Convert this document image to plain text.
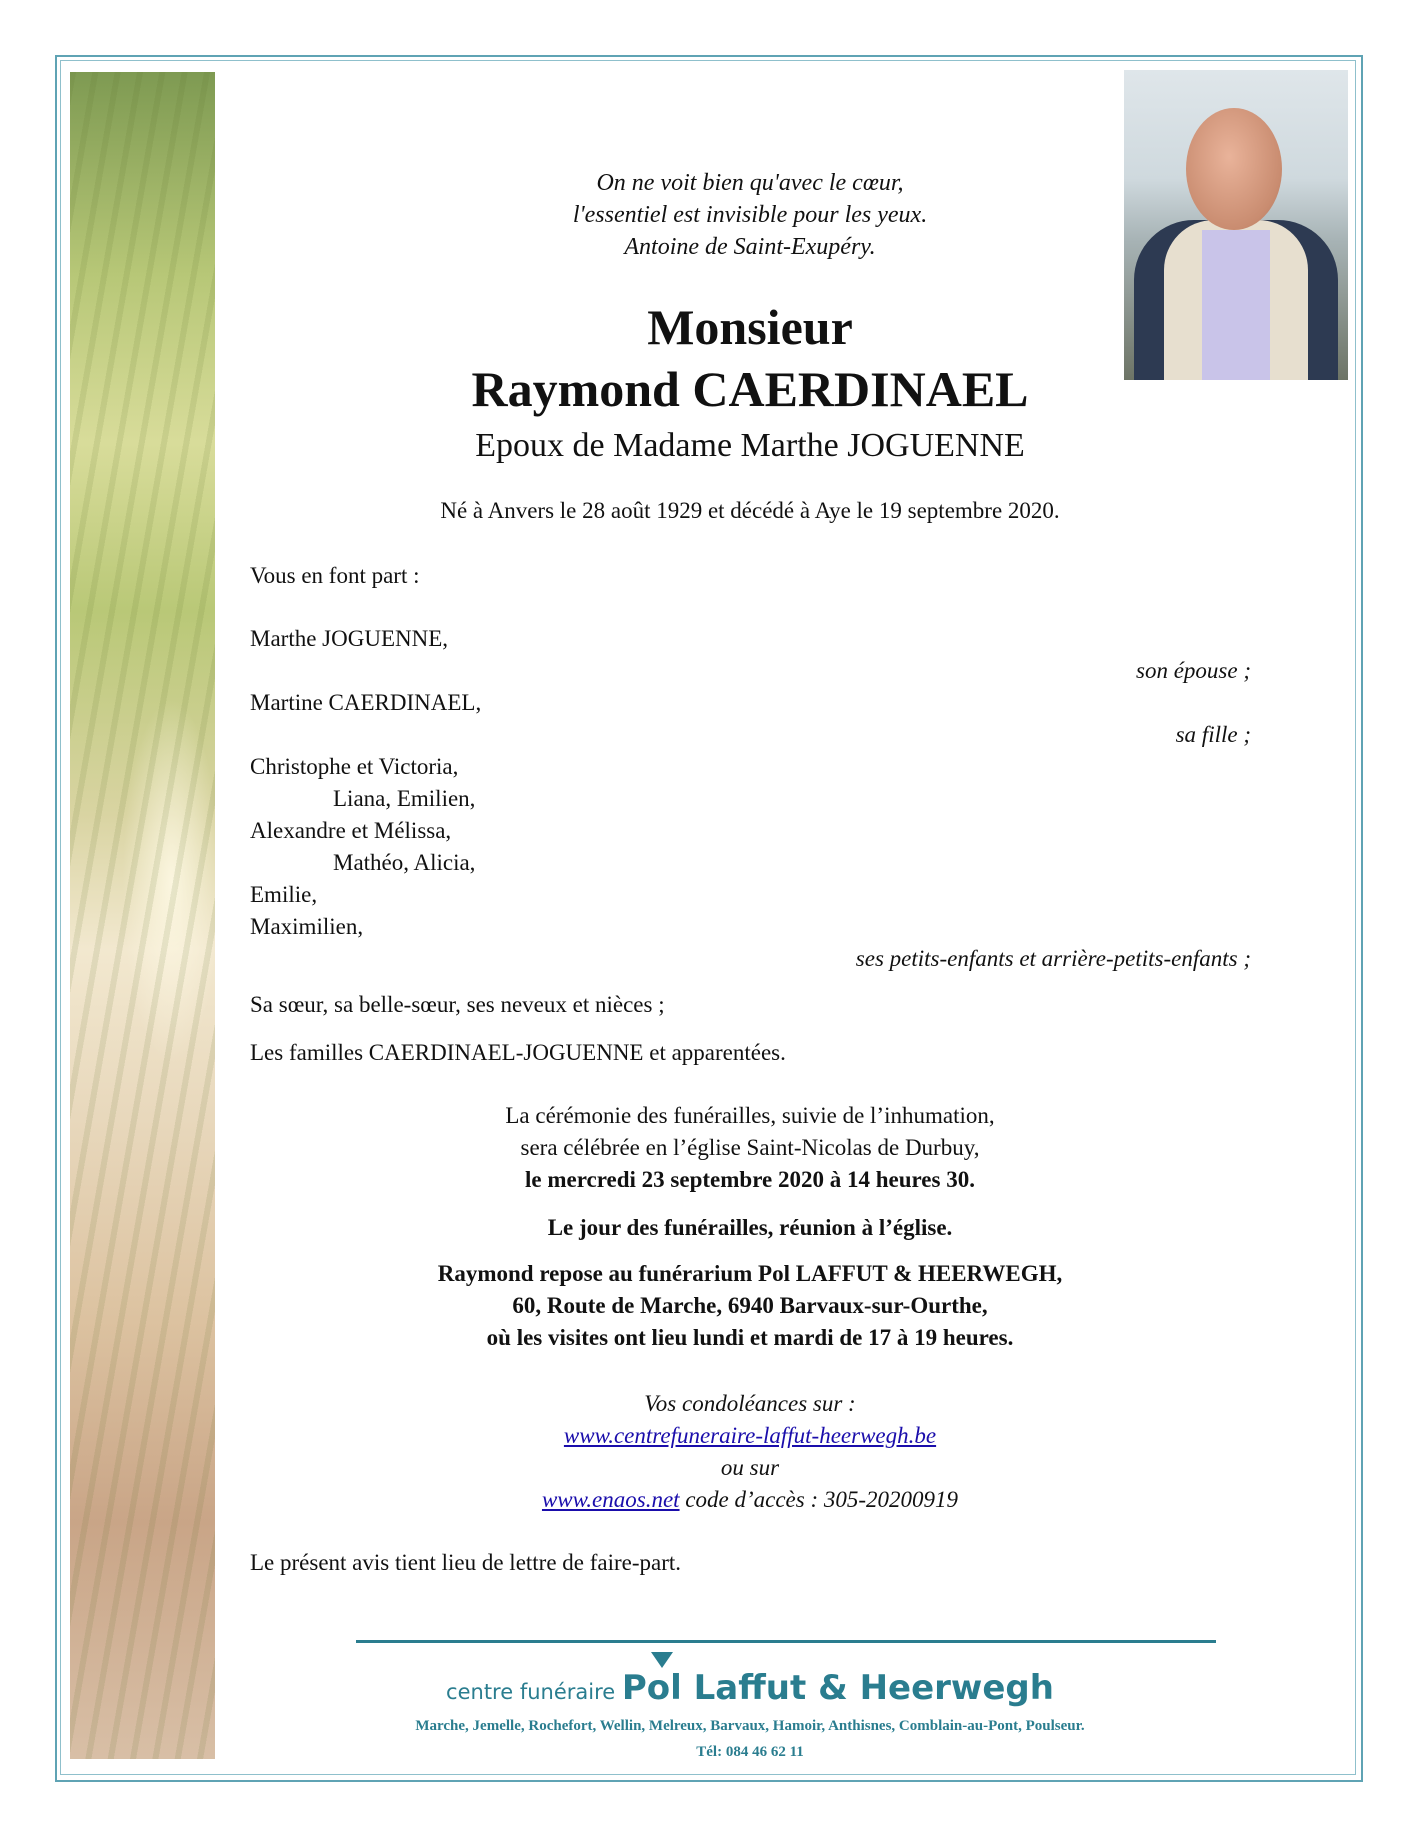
On ne voit bien qu'avec le cœur,
l'essentiel est invisible pour les yeux.
Antoine de Saint-Exupéry.
Monsieur
Raymond CAERDINAEL
Epoux de Madame Marthe JOGUENNE
Né à Anvers le 28 août 1929 et décédé à Aye le 19 septembre 2020.
Vous en font part :
Marthe JOGUENNE,
son épouse ;
Martine CAERDINAEL,
sa fille ;
Christophe et Victoria,
Liana, Emilien,
Alexandre et Mélissa,
Mathéo, Alicia,
Emilie,
Maximilien,
ses petits-enfants et arrière-petits-enfants ;
Sa sœur, sa belle-sœur, ses neveux et nièces ;
Les familles CAERDINAEL-JOGUENNE et apparentées.
La cérémonie des funérailles, suivie de l’inhumation,
sera célébrée en l’église Saint-Nicolas de Durbuy,
le mercredi 23 septembre 2020 à 14 heures 30.
Le jour des funérailles, réunion à l’église.
Raymond repose au funérarium Pol LAFFUT & HEERWEGH,
60, Route de Marche, 6940 Barvaux-sur-Ourthe,
où les visites ont lieu lundi et mardi de 17 à 19 heures.
Vos condoléances sur :
www.centrefuneraire-laffut-heerwegh.be
ou sur
www.enaos.net code d’accès : 305-20200919
Le présent avis tient lieu de lettre de faire-part.
centre funéraire Pol Laffut & Heerwegh
Marche, Jemelle, Rochefort, Wellin, Melreux, Barvaux, Hamoir, Anthisnes, Comblain-au-Pont, Poulseur.
Tél: 084 46 62 11
